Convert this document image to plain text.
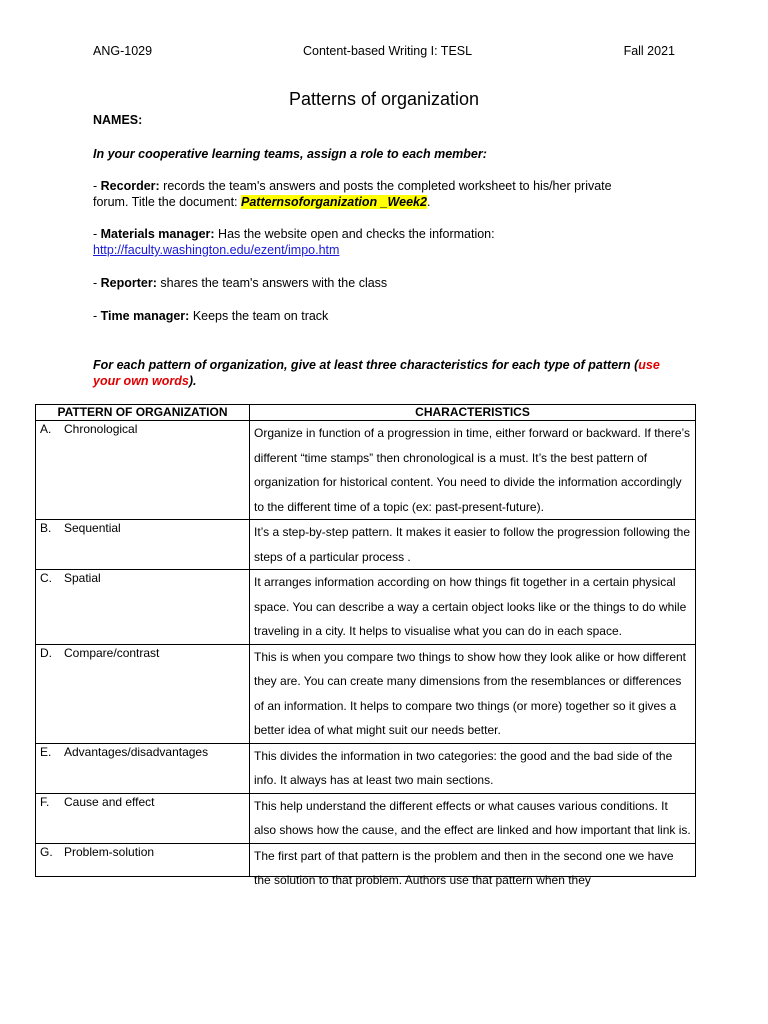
ANG-1029	Content-based Writing I: TESL	Fall 2021
Patterns of organization
NAMES:
In your cooperative learning teams, assign a role to each member:
- Recorder: records the team's answers and posts the completed worksheet to his/her private
forum. Title the document: Patternsoforganization _Week2.
- Materials manager: Has the website open and checks the information:
http://faculty.washington.edu/ezent/impo.htm
- Reporter: shares the team's answers with the class
- Time manager: Keeps the team on track
For each pattern of organization, give at least three characteristics for each type of pattern (use
your own words).
PATTERN OF ORGANIZATION	CHARACTERISTICS
A. Chronological	Organize in function of a progression in time, either forward or backward. If there’s different “time stamps” then chronological is a must. It’s the best pattern of organization for historical content. You need to divide the information accordingly to the different time of a topic (ex: past-present-future).
B. Sequential	It’s a step-by-step pattern. It makes it easier to follow the progression following the steps of a particular process .
C. Spatial	It arranges information according on how things fit together in a certain physical space. You can describe a way a certain object looks like or the things to do while traveling in a city. It helps to visualise what you can do in each space.
D. Compare/contrast	This is when you compare two things to show how they look alike or how different they are. You can create many dimensions from the resemblances or differences of an information. It helps to compare two things (or more) together so it gives a better idea of what might suit our needs better.
E. Advantages/disadvantages	This divides the information in two categories: the good and the bad side of the info. It always has at least two main sections.
F. Cause and effect	This help understand the different effects or what causes various conditions. It also shows how the cause, and the effect are linked and how important that link is.
G. Problem-solution	The first part of that pattern is the problem and then in the second one we have the solution to that problem. Authors use that pattern when they
